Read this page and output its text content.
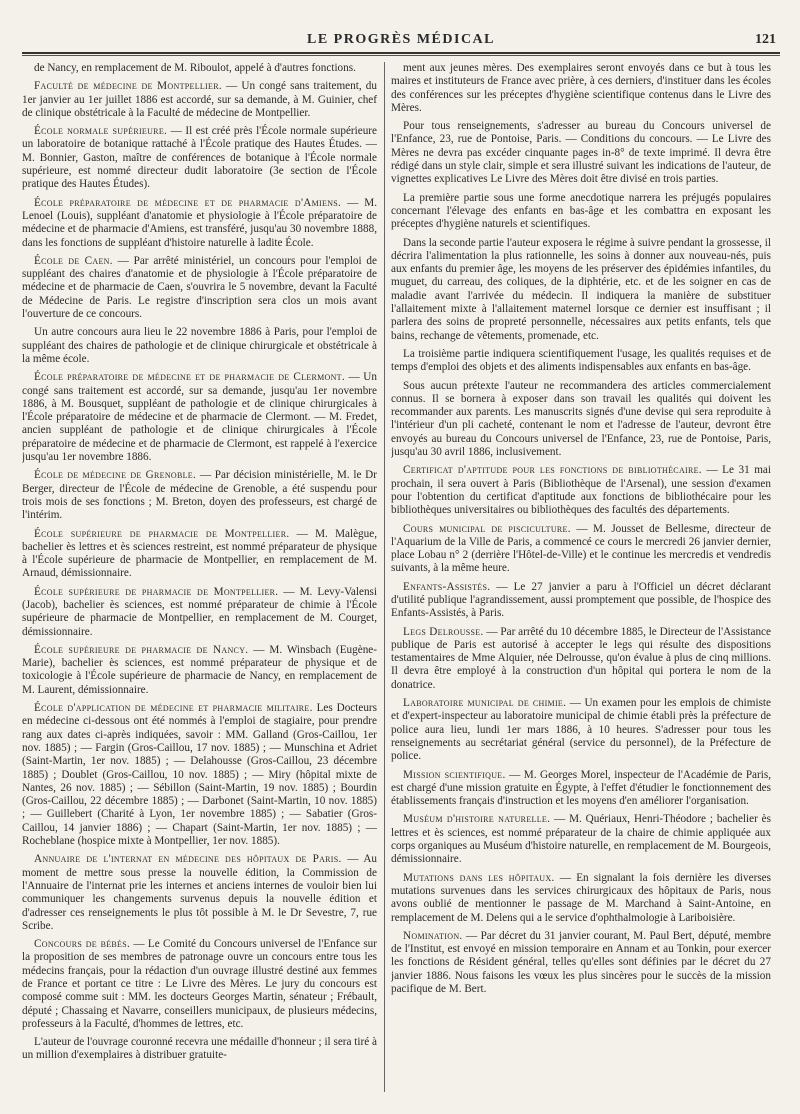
LE PROGRÈS MÉDICAL	121

de Nancy, en remplacement de M. Riboulot, appelé à d'autres fonctions.

Faculté de médecine de Montpellier. — Un congé sans traitement, du 1er janvier au 1er juillet 1886 est accordé, sur sa demande, à M. Guinier, chef de clinique obstétricale à la Faculté de médecine de Montpellier.

École normale supérieure. — Il est créé près l'École normale supérieure un laboratoire de botanique rattaché à l'École pratique des Hautes Études. — M. Bonnier, Gaston, maître de conférences de botanique à l'École normale supérieure, est nommé directeur dudit laboratoire (3e section de l'École pratique des Hautes Études).

École préparatoire de médecine et de pharmacie d'Amiens. — M. Lenoel (Louis), suppléant d'anatomie et physiologie à l'École préparatoire de médecine et de pharmacie d'Amiens, est transféré, jusqu'au 30 novembre 1888, dans les fonctions de suppléant d'histoire naturelle à ladite École.

École de Caen. — Par arrêté ministériel, un concours pour l'emploi de suppléant des chaires d'anatomie et de physiologie à l'École préparatoire de médecine et de pharmacie de Caen, s'ouvrira le 5 novembre, devant la Faculté de Médecine de Paris. Le registre d'inscription sera clos un mois avant l'ouverture de ce concours.

Un autre concours aura lieu le 22 novembre 1886 à Paris, pour l'emploi de suppléant des chaires de pathologie et de clinique chirurgicale et obstétricale à la même école.

École préparatoire de médecine et de pharmacie de Clermont. — Un congé sans traitement est accordé, sur sa demande, jusqu'au 1er novembre 1886, à M. Bousquet, suppléant de pathologie et de clinique chirurgicales à l'École préparatoire de médecine et de pharmacie de Clermont. — M. Fredet, ancien suppléant de pathologie et de clinique chirurgicales à l'École préparatoire de médecine et de pharmacie de Clermont, est rappelé à l'exercice jusqu'au 1er novembre 1886.

École de médecine de Grenoble. — Par décision ministérielle, M. le Dr Berger, directeur de l'École de médecine de Grenoble, a été suspendu pour trois mois de ses fonctions ; M. Breton, doyen des professeurs, est chargé de l'intérim.

École supérieure de pharmacie de Montpellier. — M. Malègue, bachelier ès lettres et ès sciences restreint, est nommé préparateur de physique à l'École supérieure de pharmacie de Montpellier, en remplacement de M. Arnaud, démissionnaire.

École supérieure de pharmacie de Montpellier. — M. Levy-Valensi (Jacob), bachelier ès sciences, est nommé préparateur de chimie à l'École supérieure de pharmacie de Montpellier, en remplacement de M. Courget, démissionnaire.

École supérieure de pharmacie de Nancy. — M. Winsbach (Eugène-Marie), bachelier ès sciences, est nommé préparateur de physique et de toxicologie à l'École supérieure de pharmacie de Nancy, en remplacement de M. Laurent, démissionnaire.

École d'application de médecine et pharmacie militaire. Les Docteurs en médecine ci-dessous ont été nommés à l'emploi de stagiaire, pour prendre rang aux dates ci-après indiquées, savoir : MM. Galland (Gros-Caillou, 1er nov. 1885) ; — Fargin (Gros-Caillou, 17 nov. 1885) ; — Munschina et Adriet (Saint-Martin, 1er nov. 1885) ; — Delahousse (Gros-Caillou, 23 décembre 1885) ; Doublet (Gros-Caillou, 10 nov. 1885) ; — Miry (hôpital mixte de Nantes, 26 nov. 1885) ; — Sébillon (Saint-Martin, 19 nov. 1885) ; Bourdin (Gros-Caillou, 22 décembre 1885) ; — Darbonet (Saint-Martin, 10 nov. 1885) ; — Guillebert (Charité à Lyon, 1er novembre 1885) ; — Sabatier (Gros-Caillou, 14 janvier 1886) ; — Chapart (Saint-Martin, 1er nov. 1885) ; — Rocheblane (hospice mixte à Montpellier, 1er nov. 1885).

Annuaire de l'internat en médecine des hôpitaux de Paris. — Au moment de mettre sous presse la nouvelle édition, la Commission de l'Annuaire de l'internat prie les internes et anciens internes de vouloir bien lui communiquer les changements survenus depuis la nouvelle édition et d'adresser ces renseignements le plus tôt possible à M. le Dr Sevestre, 7, rue Scribe.

Concours de bébés. — Le Comité du Concours universel de l'Enfance sur la proposition de ses membres de patronage ouvre un concours entre tous les médecins français, pour la rédaction d'un ouvrage illustré destiné aux femmes de France et portant ce titre : Le Livre des Mères. Le jury du concours est composé comme suit : MM. les docteurs Georges Martin, sénateur ; Frébault, député ; Chassaing et Navarre, conseillers municipaux, de plusieurs médecins, professeurs à la Faculté, d'hommes de lettres, etc.

L'auteur de l'ouvrage couronné recevra une médaille d'honneur ; il sera tiré à un million d'exemplaires à distribuer gratuite-

ment aux jeunes mères. Des exemplaires seront envoyés dans ce but à tous les maires et instituteurs de France avec prière, à ces derniers, d'instituer dans les écoles des conférences sur les préceptes d'hygiène scientifique contenus dans le Livre des Mères.

Pour tous renseignements, s'adresser au bureau du Concours universel de l'Enfance, 23, rue de Pontoise, Paris. — Conditions du concours. — Le Livre des Mères ne devra pas excéder cinquante pages in-8° de texte imprimé. Il devra être rédigé dans un style clair, simple et sera illustré suivant les indications de l'auteur, de vignettes explicatives Le Livre des Mères doit être divisé en trois parties.

La première partie sous une forme anecdotique narrera les préjugés populaires concernant l'élevage des enfants en bas-âge et les combattra en exposant les préceptes d'hygiène naturels et scientifiques.

Dans la seconde partie l'auteur exposera le régime à suivre pendant la grossesse, il décrira l'alimentation la plus rationnelle, les soins à donner aux nouveau-nés, puis aux enfants du premier âge, les moyens de les préserver des épidémies infantiles, du muguet, du carreau, des coliques, de la diphtérie, etc. et de les soigner en cas de maladie avant l'arrivée du médecin. Il indiquera la manière de substituer l'allaitement mixte à l'allaitement maternel lorsque ce dernier est insuffisant ; il parlera des soins de propreté personnelle, nécessaires aux petits enfants, tels que bains, rechange de vêtements, promenade, etc.

La troisième partie indiquera scientifiquement l'usage, les qualités requises et de temps d'emploi des objets et des aliments indispensables aux enfants en bas-âge.

Sous aucun prétexte l'auteur ne recommandera des articles commercialement connus. Il se bornera à exposer dans son travail les qualités qui doivent les recommander aux parents. Les manuscrits signés d'une devise qui sera reproduite à l'intérieur d'un pli cacheté, contenant le nom et l'adresse de l'auteur, devront être envoyés au bureau du Concours universel de l'Enfance, 23, rue de Pontoise, Paris, jusqu'au 30 avril 1886, inclusivement.

Certificat d'aptitude pour les fonctions de bibliothécaire. — Le 31 mai prochain, il sera ouvert à Paris (Bibliothèque de l'Arsenal), une session d'examen pour l'obtention du certificat d'aptitude aux fonctions de bibliothécaire pour les bibliothèques universitaires ou bibliothèques des facultés des départements.

Cours municipal de pisciculture. — M. Jousset de Bellesme, directeur de l'Aquarium de la Ville de Paris, a commencé ce cours le mercredi 26 janvier dernier, place Lobau n° 2 (derrière l'Hôtel-de-Ville) et le continue les mercredis et vendredis suivants, à la même heure.

Enfants-Assistés. — Le 27 janvier a paru à l'Officiel un décret déclarant d'utilité publique l'agrandissement, aussi promptement que possible, de l'hospice des Enfants-Assistés, à Paris.

Legs Delrousse. — Par arrêté du 10 décembre 1885, le Directeur de l'Assistance publique de Paris est autorisé à accepter le legs qui résulte des dispositions testamentaires de Mme Alquier, née Delrousse, qu'on évalue à plus de cinq millions. Il devra être employé à la construction d'un hôpital qui portera le nom de la donatrice.

Laboratoire municipal de chimie. — Un examen pour les emplois de chimiste et d'expert-inspecteur au laboratoire municipal de chimie établi près la préfecture de police aura lieu, lundi 1er mars 1886, à 10 heures. S'adresser pour tous les renseignements au secrétariat général (service du personnel), de la Préfecture de police.

Mission scientifique. — M. Georges Morel, inspecteur de l'Académie de Paris, est chargé d'une mission gratuite en Égypte, à l'effet d'étudier le fonctionnement des établissements français d'instruction et les moyens d'en améliorer l'organisation.

Muséum d'histoire naturelle. — M. Quériaux, Henri-Théodore ; bachelier ès lettres et ès sciences, est nommé préparateur de la chaire de chimie appliquée aux corps organiques au Muséum d'histoire naturelle, en remplacement de M. Bourgeois, démissionnaire.

Mutations dans les hôpitaux. — En signalant la fois dernière les diverses mutations survenues dans les services chirurgicaux des hôpitaux de Paris, nous avons oublié de mentionner le passage de M. Marchand à Saint-Antoine, en remplacement de M. Delens qui a le service d'ophthalmologie à Lariboisière.

Nomination. — Par décret du 31 janvier courant, M. Paul Bert, député, membre de l'Institut, est envoyé en mission temporaire en Annam et au Tonkin, pour exercer les fonctions de Résident général, telles qu'elles sont définies par le décret du 27 janvier 1886. Nous faisons les vœux les plus sincères pour le succès de la mission pacifique de M. Bert.
